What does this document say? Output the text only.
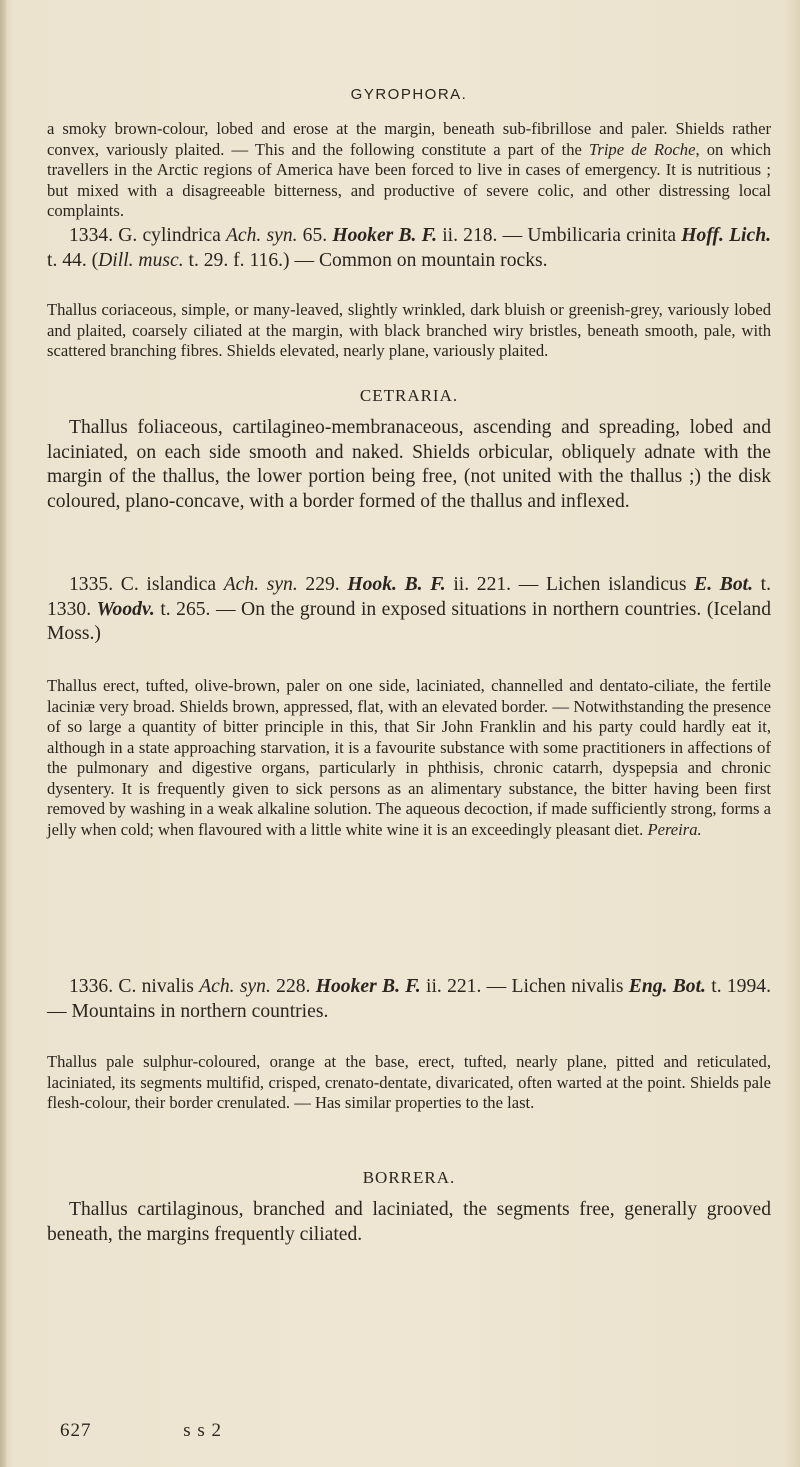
GYROPHORA.

a smoky brown-colour, lobed and erose at the margin, beneath sub-fibrillose and paler. Shields rather convex, variously plaited. — This and the following constitute a part of the Tripe de Roche, on which travellers in the Arctic regions of America have been forced to live in cases of emergency. It is nutritious ; but mixed with a disagreeable bitterness, and productive of severe colic, and other distressing local complaints.

1334. G. cylindrica Ach. syn. 65. Hooker B. F. ii. 218. — Umbilicaria crinita Hoff. Lich. t. 44. (Dill. musc. t. 29. f. 116.) — Common on mountain rocks.

Thallus coriaceous, simple, or many-leaved, slightly wrinkled, dark bluish or greenish-grey, variously lobed and plaited, coarsely ciliated at the margin, with black branched wiry bristles, beneath smooth, pale, with scattered branching fibres. Shields elevated, nearly plane, variously plaited.

CETRARIA.

Thallus foliaceous, cartilagineo-membranaceous, ascending and spreading, lobed and laciniated, on each side smooth and naked. Shields orbicular, obliquely adnate with the margin of the thallus, the lower portion being free, (not united with the thallus ;) the disk coloured, plano-concave, with a border formed of the thallus and inflexed.

1335. C. islandica Ach. syn. 229. Hook. B. F. ii. 221. — Lichen islandicus E. Bot. t. 1330. Woodv. t. 265. — On the ground in exposed situations in northern countries. (Iceland Moss.)

Thallus erect, tufted, olive-brown, paler on one side, laciniated, channelled and dentato-ciliate, the fertile laciniæ very broad. Shields brown, appressed, flat, with an elevated border. — Notwithstanding the presence of so large a quantity of bitter principle in this, that Sir John Franklin and his party could hardly eat it, although in a state approaching starvation, it is a favourite substance with some practitioners in affections of the pulmonary and digestive organs, particularly in phthisis, chronic catarrh, dyspepsia and chronic dysentery. It is frequently given to sick persons as an alimentary substance, the bitter having been first removed by washing in a weak alkaline solution. The aqueous decoction, if made sufficiently strong, forms a jelly when cold; when flavoured with a little white wine it is an exceedingly pleasant diet. Pereira.

1336. C. nivalis Ach. syn. 228. Hooker B. F. ii. 221. — Lichen nivalis Eng. Bot. t. 1994. — Mountains in northern countries.

Thallus pale sulphur-coloured, orange at the base, erect, tufted, nearly plane, pitted and reticulated, laciniated, its segments multifid, crisped, crenato-dentate, divaricated, often warted at the point. Shields pale flesh-colour, their border crenulated. — Has similar properties to the last.

BORRERA.

Thallus cartilaginous, branched and laciniated, the segments free, generally grooved beneath, the margins frequently ciliated.

627	s s 2
